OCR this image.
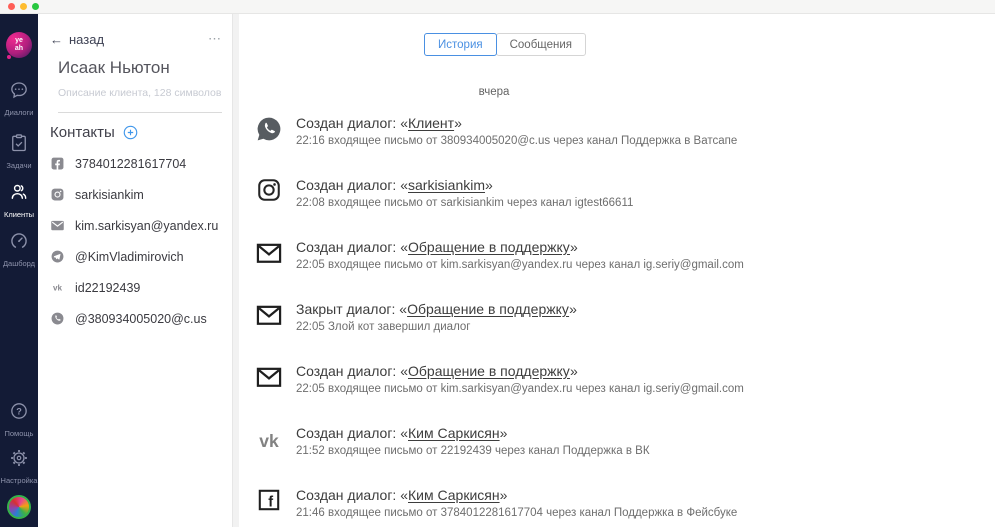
ye
ah
Диалоги
Задачи
Клиенты
Дашборд
?
Помощь
Настройка
← назад	⋯
Исаак Ньютон
Описание клиента, 128 символов
Контакты
3784012281617704
sarkisiankim
kim.sarkisyan@yandex.ru
@KimVladimirovich
vk id22192439
@380934005020@c.us
История	Сообщения
вчера
Создан диалог: «Клиент»
22:16 входящее письмо от 380934005020@c.us через канал Поддержка в Ватсапе
Создан диалог: «sarkisiankim»
22:08 входящее письмо от sarkisiankim через канал igtest66611
Создан диалог: «Обращение в поддержку»
22:05 входящее письмо от kim.sarkisyan@yandex.ru через канал ig.seriy@gmail.com
Закрыт диалог: «Обращение в поддержку»
22:05 Злой кот завершил диалог
Создан диалог: «Обращение в поддержку»
22:05 входящее письмо от kim.sarkisyan@yandex.ru через канал ig.seriy@gmail.com
vk Создан диалог: «Ким Саркисян»
21:52 входящее письмо от 22192439 через канал Поддержка в ВК
f Создан диалог: «Ким Саркисян»
21:46 входящее письмо от 3784012281617704 через канал Поддержка в Фейсбуке
